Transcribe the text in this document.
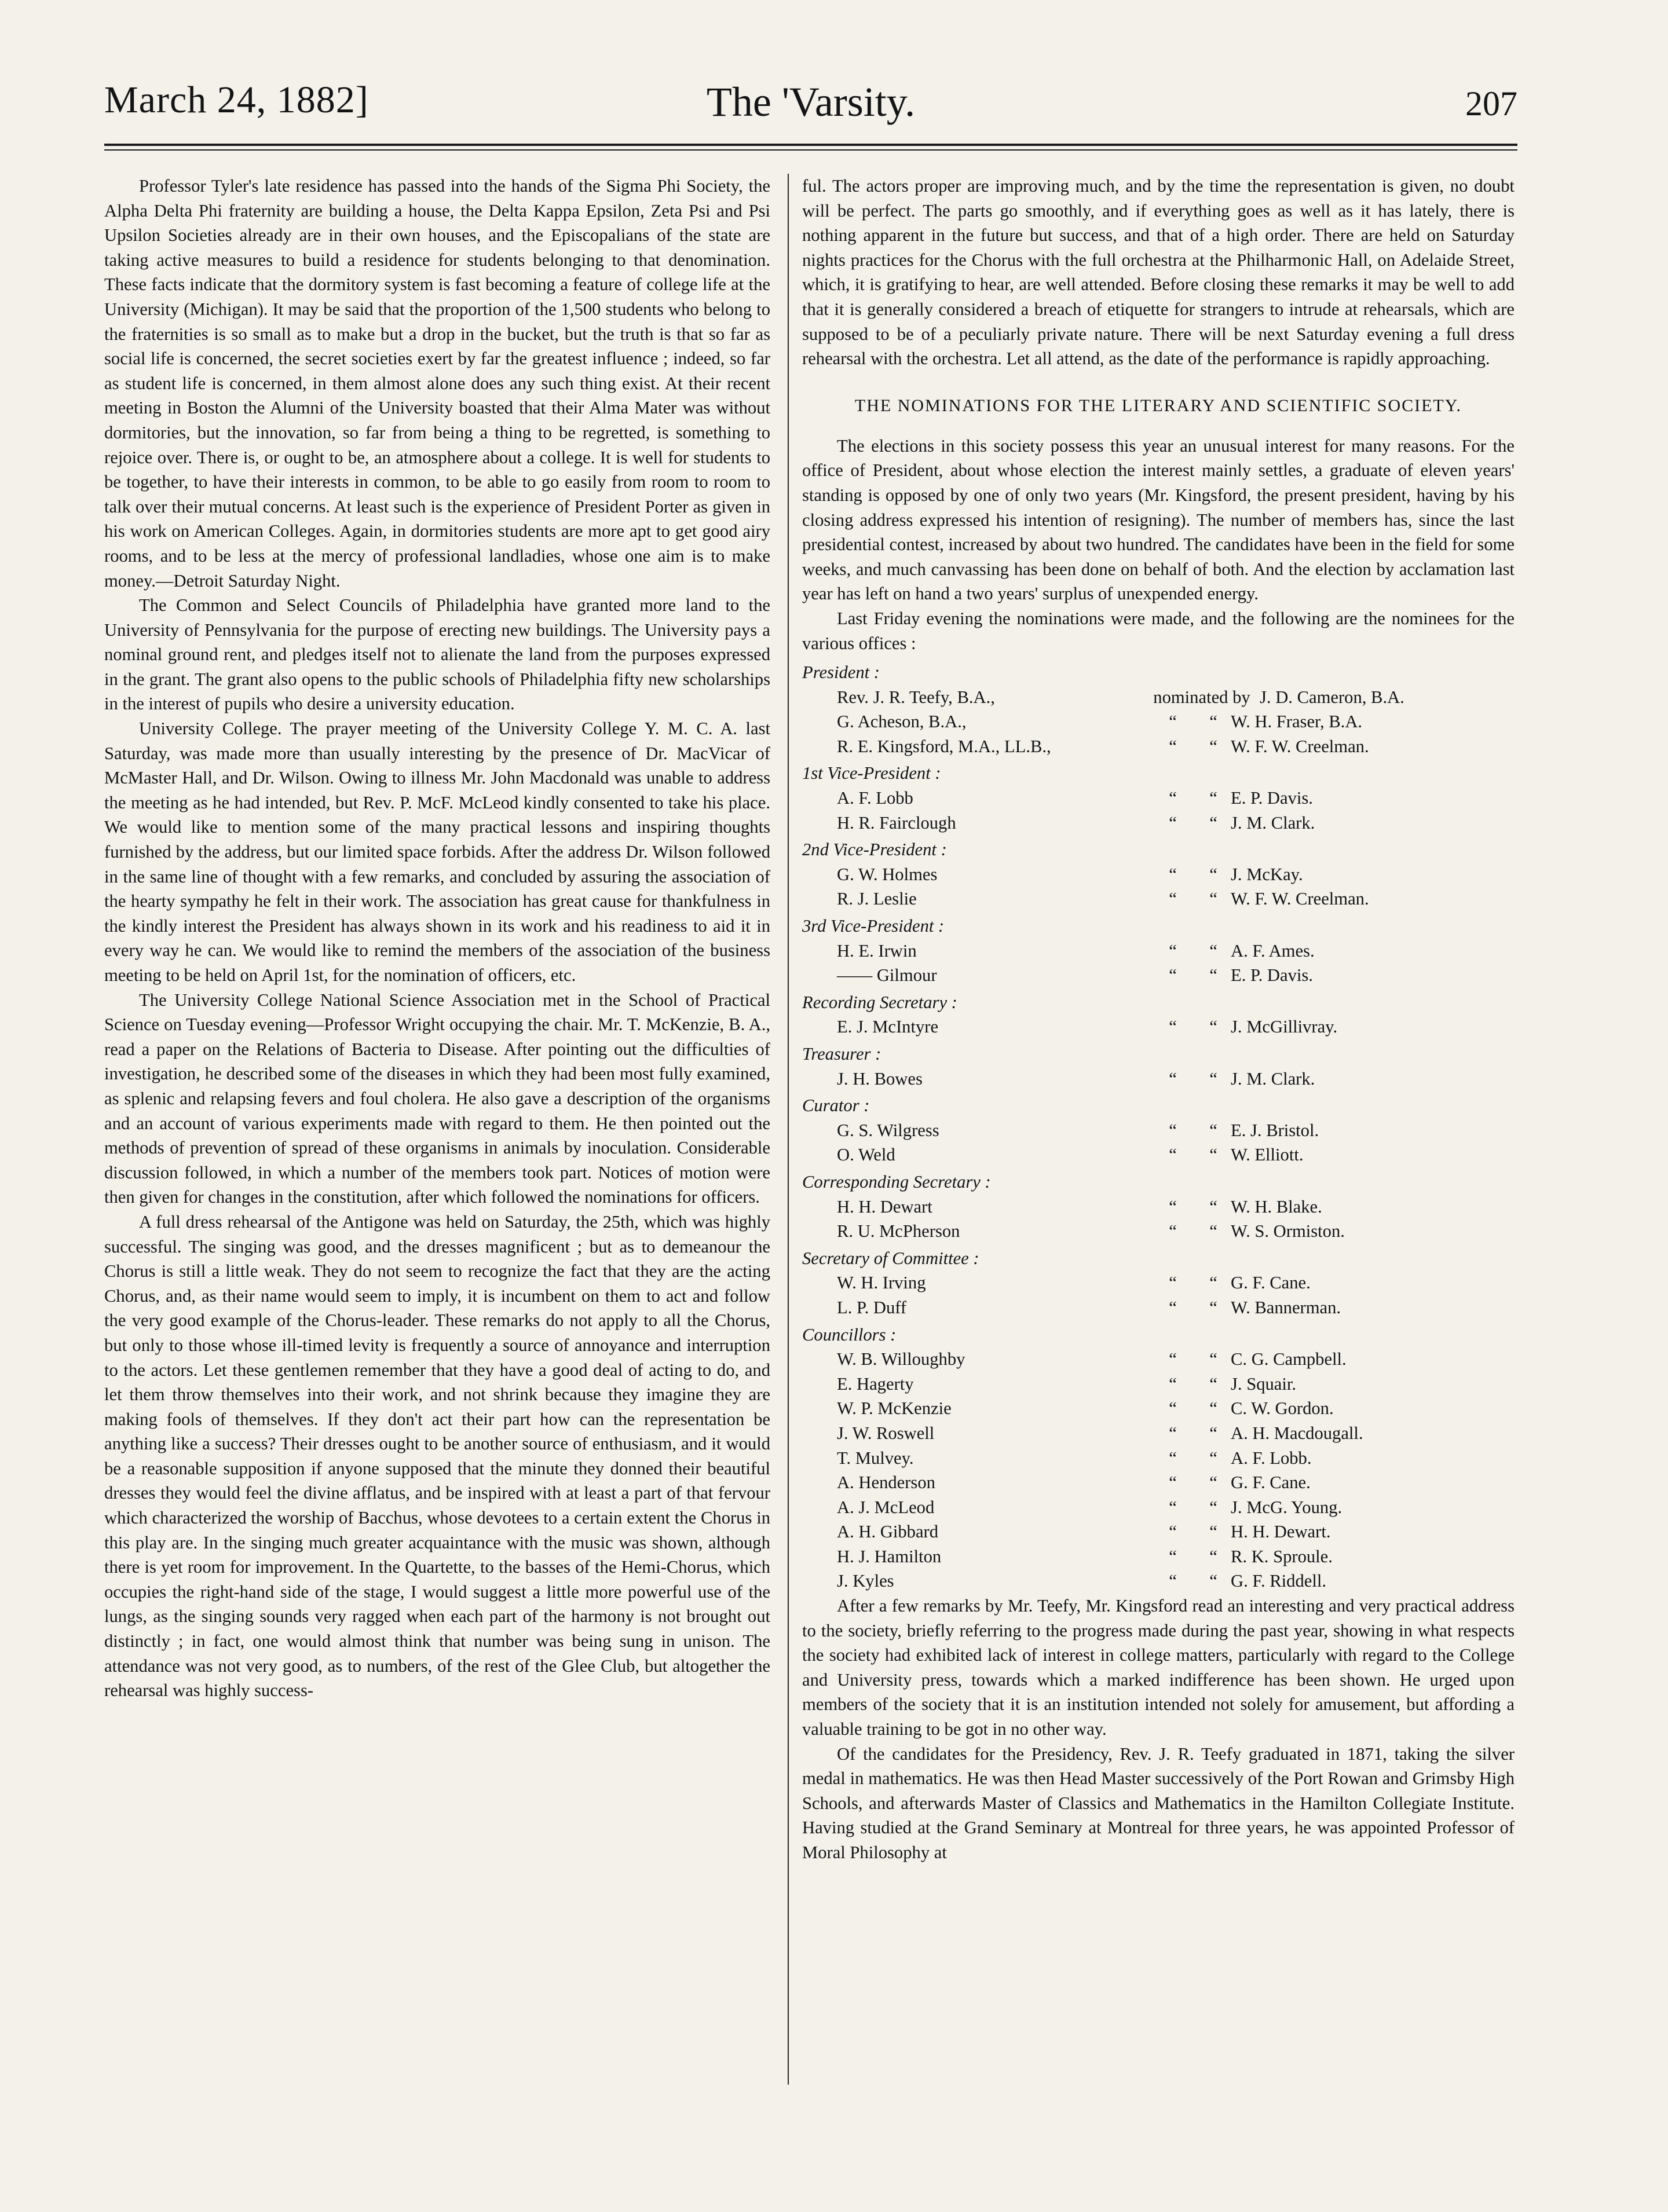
March 24, 1882]	The 'Varsity.	207

Professor Tyler's late residence has passed into the hands of the Sigma Phi Society, the Alpha Delta Phi fraternity are building a house, the Delta Kappa Epsilon, Zeta Psi and Psi Upsilon Societies already are in their own houses, and the Episcopalians of the state are taking active measures to build a residence for students belonging to that denomination. These facts indicate that the dormitory system is fast becoming a feature of college life at the University (Michigan). It may be said that the proportion of the 1,500 students who belong to the fraternities is so small as to make but a drop in the bucket, but the truth is that so far as social life is concerned, the secret societies exert by far the greatest influence ; indeed, so far as student life is concerned, in them almost alone does any such thing exist. At their recent meeting in Boston the Alumni of the University boasted that their Alma Mater was without dormitories, but the innovation, so far from being a thing to be regretted, is something to rejoice over. There is, or ought to be, an atmosphere about a college. It is well for students to be together, to have their interests in common, to be able to go easily from room to room to talk over their mutual concerns. At least such is the experience of President Porter as given in his work on American Colleges. Again, in dormitories students are more apt to get good airy rooms, and to be less at the mercy of professional landladies, whose one aim is to make money.—Detroit Saturday Night.

The Common and Select Councils of Philadelphia have granted more land to the University of Pennsylvania for the purpose of erecting new buildings. The University pays a nominal ground rent, and pledges itself not to alienate the land from the purposes expressed in the grant. The grant also opens to the public schools of Philadelphia fifty new scholarships in the interest of pupils who desire a university education.

University College. The prayer meeting of the University College Y. M. C. A. last Saturday, was made more than usually interesting by the presence of Dr. MacVicar of McMaster Hall, and Dr. Wilson. Owing to illness Mr. John Macdonald was unable to address the meeting as he had intended, but Rev. P. McF. McLeod kindly consented to take his place. We would like to mention some of the many practical lessons and inspiring thoughts furnished by the address, but our limited space forbids. After the address Dr. Wilson followed in the same line of thought with a few remarks, and concluded by assuring the association of the hearty sympathy he felt in their work. The association has great cause for thankfulness in the kindly interest the President has always shown in its work and his readiness to aid it in every way he can. We would like to remind the members of the association of the business meeting to be held on April 1st, for the nomination of officers, etc.

The University College National Science Association met in the School of Practical Science on Tuesday evening—Professor Wright occupying the chair. Mr. T. McKenzie, B. A., read a paper on the Relations of Bacteria to Disease. After pointing out the difficulties of investigation, he described some of the diseases in which they had been most fully examined, as splenic and relapsing fevers and foul cholera. He also gave a description of the organisms and an account of various experiments made with regard to them. He then pointed out the methods of prevention of spread of these organisms in animals by inoculation. Considerable discussion followed, in which a number of the members took part. Notices of motion were then given for changes in the constitution, after which followed the nominations for officers.

A full dress rehearsal of the Antigone was held on Saturday, the 25th, which was highly successful. The singing was good, and the dresses magnificent ; but as to demeanour the Chorus is still a little weak. They do not seem to recognize the fact that they are the acting Chorus, and, as their name would seem to imply, it is incumbent on them to act and follow the very good example of the Chorus-leader. These remarks do not apply to all the Chorus, but only to those whose ill-timed levity is frequently a source of annoyance and interruption to the actors. Let these gentlemen remember that they have a good deal of acting to do, and let them throw themselves into their work, and not shrink because they imagine they are making fools of themselves. If they don't act their part how can the representation be anything like a success? Their dresses ought to be another source of enthusiasm, and it would be a reasonable supposition if anyone supposed that the minute they donned their beautiful dresses they would feel the divine afflatus, and be inspired with at least a part of that fervour which characterized the worship of Bacchus, whose devotees to a certain extent the Chorus in this play are. In the singing much greater acquaintance with the music was shown, although there is yet room for improvement. In the Quartette, to the basses of the Hemi-Chorus, which occupies the right-hand side of the stage, I would suggest a little more powerful use of the lungs, as the singing sounds very ragged when each part of the harmony is not brought out distinctly ; in fact, one would almost think that number was being sung in unison. The attendance was not very good, as to numbers, of the rest of the Glee Club, but altogether the rehearsal was highly success-

ful. The actors proper are improving much, and by the time the representation is given, no doubt will be perfect. The parts go smoothly, and if everything goes as well as it has lately, there is nothing apparent in the future but success, and that of a high order. There are held on Saturday nights practices for the Chorus with the full orchestra at the Philharmonic Hall, on Adelaide Street, which, it is gratifying to hear, are well attended. Before closing these remarks it may be well to add that it is generally considered a breach of etiquette for strangers to intrude at rehearsals, which are supposed to be of a peculiarly private nature. There will be next Saturday evening a full dress rehearsal with the orchestra. Let all attend, as the date of the performance is rapidly approaching.

THE NOMINATIONS FOR THE LITERARY AND SCIENTIFIC SOCIETY.

The elections in this society possess this year an unusual interest for many reasons. For the office of President, about whose election the interest mainly settles, a graduate of eleven years' standing is opposed by one of only two years (Mr. Kingsford, the present president, having by his closing address expressed his intention of resigning). The number of members has, since the last presidential contest, increased by about two hundred. The candidates have been in the field for some weeks, and much canvassing has been done on behalf of both. And the election by acclamation last year has left on hand a two years' surplus of unexpended energy.

Last Friday evening the nominations were made, and the following are the nominees for the various offices :

President :
Rev. J. R. Teefy, B.A.,	nominated by J. D. Cameron, B.A.
G. Acheson, B.A.,	“	“ W. H. Fraser, B.A.
R. E. Kingsford, M.A., LL.B.,	“	“ W. F. W. Creelman.
1st Vice-President :
A. F. Lobb	“	“ E. P. Davis.
H. R. Fairclough	“	“ J. M. Clark.
2nd Vice-President :
G. W. Holmes	“	“ J. McKay.
R. J. Leslie	“	“ W. F. W. Creelman.
3rd Vice-President :
H. E. Irwin	“	“ A. F. Ames.
—— Gilmour	“	“ E. P. Davis.
Recording Secretary :
E. J. McIntyre	“	“ J. McGillivray.
Treasurer :
J. H. Bowes	“	“ J. M. Clark.
Curator :
G. S. Wilgress	“	“ E. J. Bristol.
O. Weld	“	“ W. Elliott.
Corresponding Secretary :
H. H. Dewart	“	“ W. H. Blake.
R. U. McPherson	“	“ W. S. Ormiston.
Secretary of Committee :
W. H. Irving	“	“ G. F. Cane.
L. P. Duff	“	“ W. Bannerman.
Councillors :
W. B. Willoughby	“	“ C. G. Campbell.
E. Hagerty	“	“ J. Squair.
W. P. McKenzie	“	“ C. W. Gordon.
J. W. Roswell	“	“ A. H. Macdougall.
T. Mulvey.	“	“ A. F. Lobb.
A. Henderson	“	“ G. F. Cane.
A. J. McLeod	“	“ J. McG. Young.
A. H. Gibbard	“	“ H. H. Dewart.
H. J. Hamilton	“	“ R. K. Sproule.
J. Kyles	“	“ G. F. Riddell.

After a few remarks by Mr. Teefy, Mr. Kingsford read an interesting and very practical address to the society, briefly referring to the progress made during the past year, showing in what respects the society had exhibited lack of interest in college matters, particularly with regard to the College and University press, towards which a marked indifference has been shown. He urged upon members of the society that it is an institution intended not solely for amusement, but affording a valuable training to be got in no other way.

Of the candidates for the Presidency, Rev. J. R. Teefy graduated in 1871, taking the silver medal in mathematics. He was then Head Master successively of the Port Rowan and Grimsby High Schools, and afterwards Master of Classics and Mathematics in the Hamilton Collegiate Institute. Having studied at the Grand Seminary at Montreal for three years, he was appointed Professor of Moral Philosophy at
